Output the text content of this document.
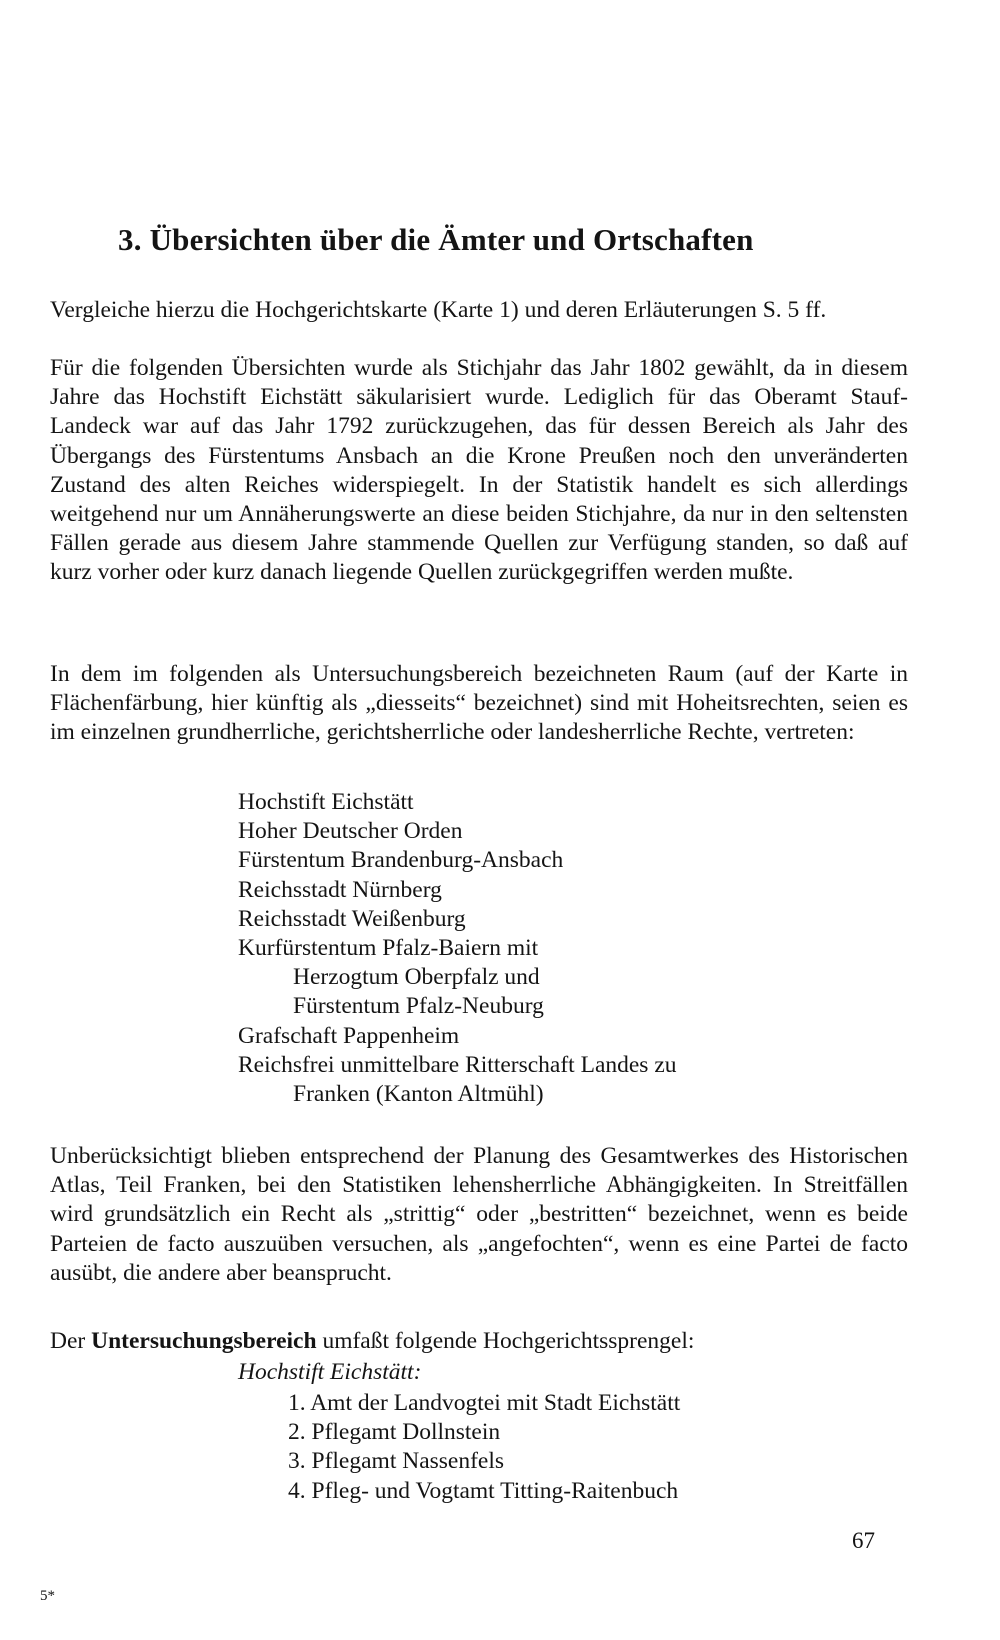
3. Übersichten über die Ämter und Ortschaften

Vergleiche hierzu die Hochgerichtskarte (Karte 1) und deren Erläuterungen S. 5 ff.

Für die folgenden Übersichten wurde als Stichjahr das Jahr 1802 gewählt, da in diesem Jahre das Hochstift Eichstätt säkularisiert wurde. Lediglich für das Oberamt Stauf-Landeck war auf das Jahr 1792 zurückzugehen, das für dessen Bereich als Jahr des Übergangs des Fürstentums Ansbach an die Krone Preußen noch den unveränderten Zustand des alten Reiches widerspiegelt. In der Statistik handelt es sich allerdings weitgehend nur um Annäherungswerte an diese beiden Stichjahre, da nur in den seltensten Fällen gerade aus diesem Jahre stammende Quellen zur Verfügung standen, so daß auf kurz vorher oder kurz danach liegende Quellen zurückgegriffen werden mußte.

In dem im folgenden als Untersuchungsbereich bezeichneten Raum (auf der Karte in Flächenfärbung, hier künftig als „diesseits“ bezeichnet) sind mit Hoheitsrechten, seien es im einzelnen grundherrliche, gerichtsherrliche oder landesherrliche Rechte, vertreten:

Hochstift Eichstätt
Hoher Deutscher Orden
Fürstentum Brandenburg-Ansbach
Reichsstadt Nürnberg
Reichsstadt Weißenburg
Kurfürstentum Pfalz-Baiern mit
Herzogtum Oberpfalz und
Fürstentum Pfalz-Neuburg
Grafschaft Pappenheim
Reichsfrei unmittelbare Ritterschaft Landes zu
Franken (Kanton Altmühl)

Unberücksichtigt blieben entsprechend der Planung des Gesamtwerkes des Historischen Atlas, Teil Franken, bei den Statistiken lehensherrliche Abhängigkeiten. In Streitfällen wird grundsätzlich ein Recht als „strittig“ oder „bestritten“ bezeichnet, wenn es beide Parteien de facto auszuüben versuchen, als „angefochten“, wenn es eine Partei de facto ausübt, die andere aber beansprucht.

Der Untersuchungsbereich umfaßt folgende Hochgerichtssprengel:
Hochstift Eichstätt:
1. Amt der Landvogtei mit Stadt Eichstätt
2. Pflegamt Dollnstein
3. Pflegamt Nassenfels
4. Pfleg- und Vogtamt Titting-Raitenbuch
67
5*
